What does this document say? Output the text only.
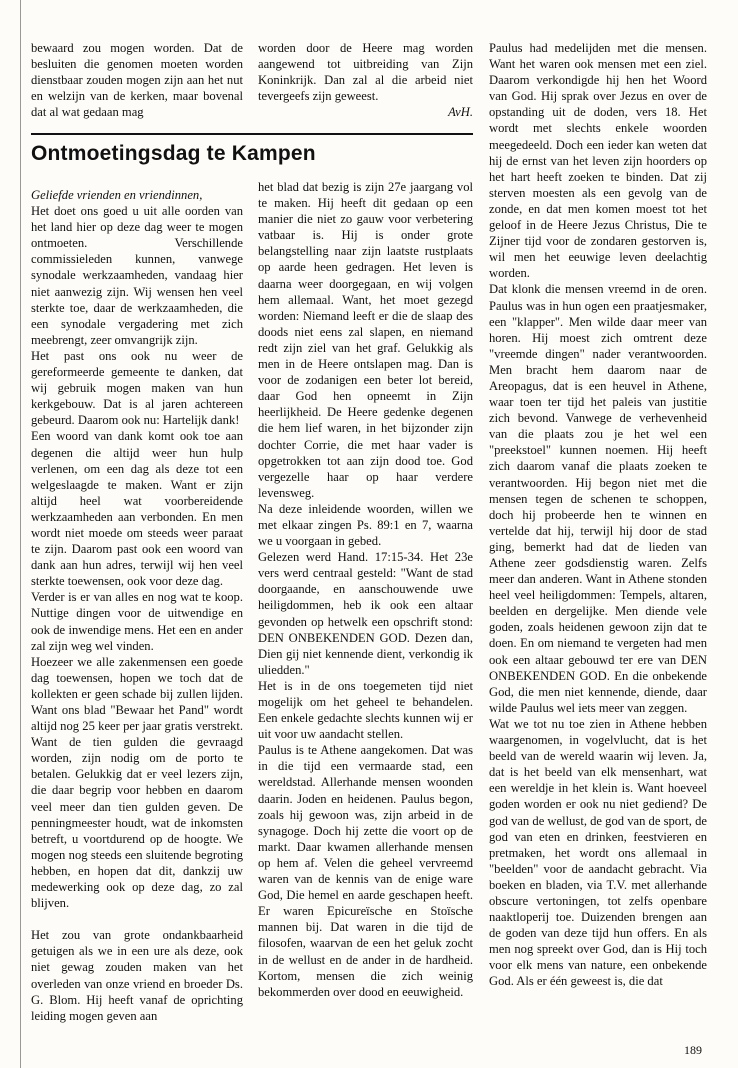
bewaard zou mogen worden. Dat de besluiten die genomen moeten worden dienstbaar zouden mogen zijn aan het nut en welzijn van de kerken, maar bovenal dat al wat gedaan mag

worden door de Heere mag worden aangewend tot uitbreiding van Zijn Koninkrijk. Dan zal al die arbeid niet tevergeefs zijn geweest.

AvH.

Ontmoetingsdag te Kampen

Geliefde vrienden en vriendinnen,

Het doet ons goed u uit alle oorden van het land hier op deze dag weer te mogen ontmoeten. Verschillende commissieleden kunnen, vanwege synodale werkzaamheden, vandaag hier niet aanwezig zijn. Wij wensen hen veel sterkte toe, daar de werkzaamheden, die een synodale vergadering met zich meebrengt, zeer omvangrijk zijn.

Het past ons ook nu weer de gereformeerde gemeente te danken, dat wij gebruik mogen maken van hun kerkgebouw. Dat is al jaren achtereen gebeurd. Daarom ook nu: Hartelijk dank!

Een woord van dank komt ook toe aan degenen die altijd weer hun hulp verlenen, om een dag als deze tot een welgeslaagde te maken. Want er zijn altijd heel wat voorbereidende werkzaamheden aan verbonden. En men wordt niet moede om steeds weer paraat te zijn. Daarom past ook een woord van dank aan hun adres, terwijl wij hen veel sterkte toewensen, ook voor deze dag.

Verder is er van alles en nog wat te koop. Nuttige dingen voor de uitwendige en ook de inwendige mens. Het een en ander zal zijn weg wel vinden.

Hoezeer we alle zakenmensen een goede dag toewensen, hopen we toch dat de kollekten er geen schade bij zullen lijden. Want ons blad "Bewaar het Pand" wordt altijd nog 25 keer per jaar gratis verstrekt. Want de tien gulden die gevraagd worden, zijn nodig om de porto te betalen. Gelukkig dat er veel lezers zijn, die daar begrip voor hebben en daarom veel meer dan tien gulden geven. De penningmeester houdt, wat de inkomsten betreft, u voortdurend op de hoogte. We mogen nog steeds een sluitende begroting hebben, en hopen dat dit, dankzij uw medewerking ook op deze dag, zo zal blijven.

Het zou van grote ondankbaarheid getuigen als we in een ure als deze, ook niet gewag zouden maken van het overleden van onze vriend en broeder Ds. G. Blom. Hij heeft vanaf de oprichting leiding mogen geven aan

het blad dat bezig is zijn 27e jaargang vol te maken. Hij heeft dit gedaan op een manier die niet zo gauw voor verbetering vatbaar is. Hij is onder grote belangstelling naar zijn laatste rustplaats op aarde heen gedragen. Het leven is daarna weer doorgegaan, en wij volgen hem allemaal. Want, het moet gezegd worden: Niemand leeft er die de slaap des doods niet eens zal slapen, en niemand redt zijn ziel van het graf. Gelukkig als men in de Heere ontslapen mag. Dan is voor de zodanigen een beter lot bereid, daar God hen opneemt in Zijn heerlijkheid. De Heere gedenke degenen die hem lief waren, in het bijzonder zijn dochter Corrie, die met haar vader is opgetrokken tot aan zijn dood toe. God vergezelle haar op haar verdere levensweg.

Na deze inleidende woorden, willen we met elkaar zingen Ps. 89:1 en 7, waarna we u voorgaan in gebed.

Gelezen werd Hand. 17:15-34. Het 23e vers werd centraal gesteld: "Want de stad doorgaande, en aanschouwende uwe heiligdommen, heb ik ook een altaar gevonden op hetwelk een opschrift stond: DEN ONBEKENDEN GOD. Dezen dan, Dien gij niet kennende dient, verkondig ik uliedden."

Het is in de ons toegemeten tijd niet mogelijk om het geheel te behandelen. Een enkele gedachte slechts kunnen wij er uit voor uw aandacht stellen.

Paulus is te Athene aangekomen. Dat was in die tijd een vermaarde stad, een wereldstad. Allerhande mensen woonden daarin. Joden en heidenen. Paulus begon, zoals hij gewoon was, zijn arbeid in de synagoge. Doch hij zette die voort op de markt. Daar kwamen allerhande mensen op hem af. Velen die geheel vervreemd waren van de kennis van de enige ware God, Die hemel en aarde geschapen heeft. Er waren Epicureïsche en Stoïsche mannen bij. Dat waren in die tijd de filosofen, waarvan de een het geluk zocht in de wellust en de ander in de hardheid. Kortom, mensen die zich weinig bekommerden over dood en eeuwigheid.

Paulus had medelijden met die mensen. Want het waren ook mensen met een ziel. Daarom verkondigde hij hen het Woord van God. Hij sprak over Jezus en over de opstanding uit de doden, vers 18. Het wordt met slechts enkele woorden meegedeeld. Doch een ieder kan weten dat hij de ernst van het leven zijn hoorders op het hart heeft zoeken te binden. Dat zij sterven moesten als een gevolg van de zonde, en dat men komen moest tot het geloof in de Heere Jezus Christus, Die te Zijner tijd voor de zondaren gestorven is, wil men het eeuwige leven deelachtig worden.

Dat klonk die mensen vreemd in de oren. Paulus was in hun ogen een praatjesmaker, een "klapper". Men wilde daar meer van horen. Hij moest zich omtrent deze "vreemde dingen" nader verantwoorden. Men bracht hem daarom naar de Areopagus, dat is een heuvel in Athene, waar toen ter tijd het paleis van justitie zich bevond. Vanwege de verhevenheid van die plaats zou je het wel een "preekstoel" kunnen noemen. Hij heeft zich daarom vanaf die plaats zoeken te verantwoorden. Hij begon niet met die mensen tegen de schenen te schoppen, doch hij probeerde hen te winnen en vertelde dat hij, terwijl hij door de stad ging, bemerkt had dat de lieden van Athene zeer godsdienstig waren. Zelfs meer dan anderen. Want in Athene stonden heel veel heiligdommen: Tempels, altaren, beelden en dergelijke. Men diende vele goden, zoals heidenen gewoon zijn dat te doen. En om niemand te vergeten had men ook een altaar gebouwd ter ere van DEN ONBEKENDEN GOD. En die onbekende God, die men niet kennende, diende, daar wilde Paulus wel iets meer van zeggen.

Wat we tot nu toe zien in Athene hebben waargenomen, in vogelvlucht, dat is het beeld van de wereld waarin wij leven. Ja, dat is het beeld van elk mensenhart, wat een wereldje in het klein is. Want hoeveel goden worden er ook nu niet gediend? De god van de wellust, de god van de sport, de god van eten en drinken, feestvieren en pretmaken, het wordt ons allemaal in "beelden" voor de aandacht gebracht. Via boeken en bladen, via T.V. met allerhande obscure vertoningen, tot zelfs openbare naaktloperij toe. Duizenden brengen aan de goden van deze tijd hun offers. En als men nog spreekt over God, dan is Hij toch voor elk mens van nature, een onbekende God. Als er één geweest is, die dat

189
